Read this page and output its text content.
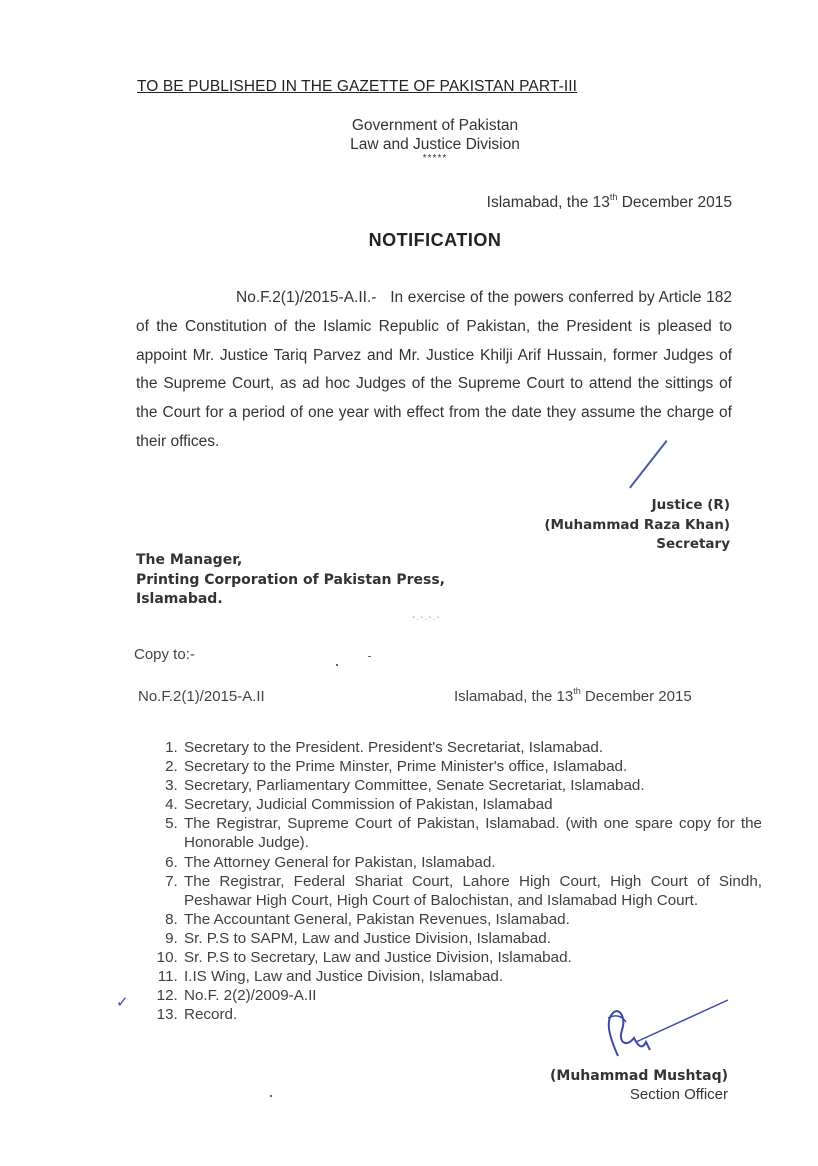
TO BE PUBLISHED IN THE GAZETTE OF PAKISTAN PART-III
Government of Pakistan
Law and Justice Division
*****
Islamabad, the 13th December 2015
NOTIFICATION
No.F.2(1)/2015-A.II.- In exercise of the powers conferred by Article 182 of the Constitution of the Islamic Republic of Pakistan, the President is pleased to appoint Mr. Justice Tariq Parvez and Mr. Justice Khilji Arif Hussain, former Judges of the Supreme Court, as ad hoc Judges of the Supreme Court to attend the sittings of the Court for a period of one year with effect from the date they assume the charge of their offices.
Justice (R)
(Muhammad Raza Khan)
Secretary
The Manager,
Printing Corporation of Pakistan Press,
Islamabad.
-.-.-.-
Copy to:-
No.F.2(1)/2015-A.II	Islamabad, the 13th December 2015
1. Secretary to the President. President's Secretariat, Islamabad.
2. Secretary to the Prime Minster, Prime Minister's office, Islamabad.
3. Secretary, Parliamentary Committee, Senate Secretariat, Islamabad.
4. Secretary, Judicial Commission of Pakistan, Islamabad
5. The Registrar, Supreme Court of Pakistan, Islamabad. (with one spare copy for the Honorable Judge).
6. The Attorney General for Pakistan, Islamabad.
7. The Registrar, Federal Shariat Court, Lahore High Court, High Court of Sindh, Peshawar High Court, High Court of Balochistan, and Islamabad High Court.
8. The Accountant General, Pakistan Revenues, Islamabad.
9. Sr. P.S to SAPM, Law and Justice Division, Islamabad.
10. Sr. P.S to Secretary, Law and Justice Division, Islamabad.
11. I.IS Wing, Law and Justice Division, Islamabad.
12. No.F. 2(2)/2009-A.II
13. Record.
✓
(Muhammad Mushtaq)
Section Officer
